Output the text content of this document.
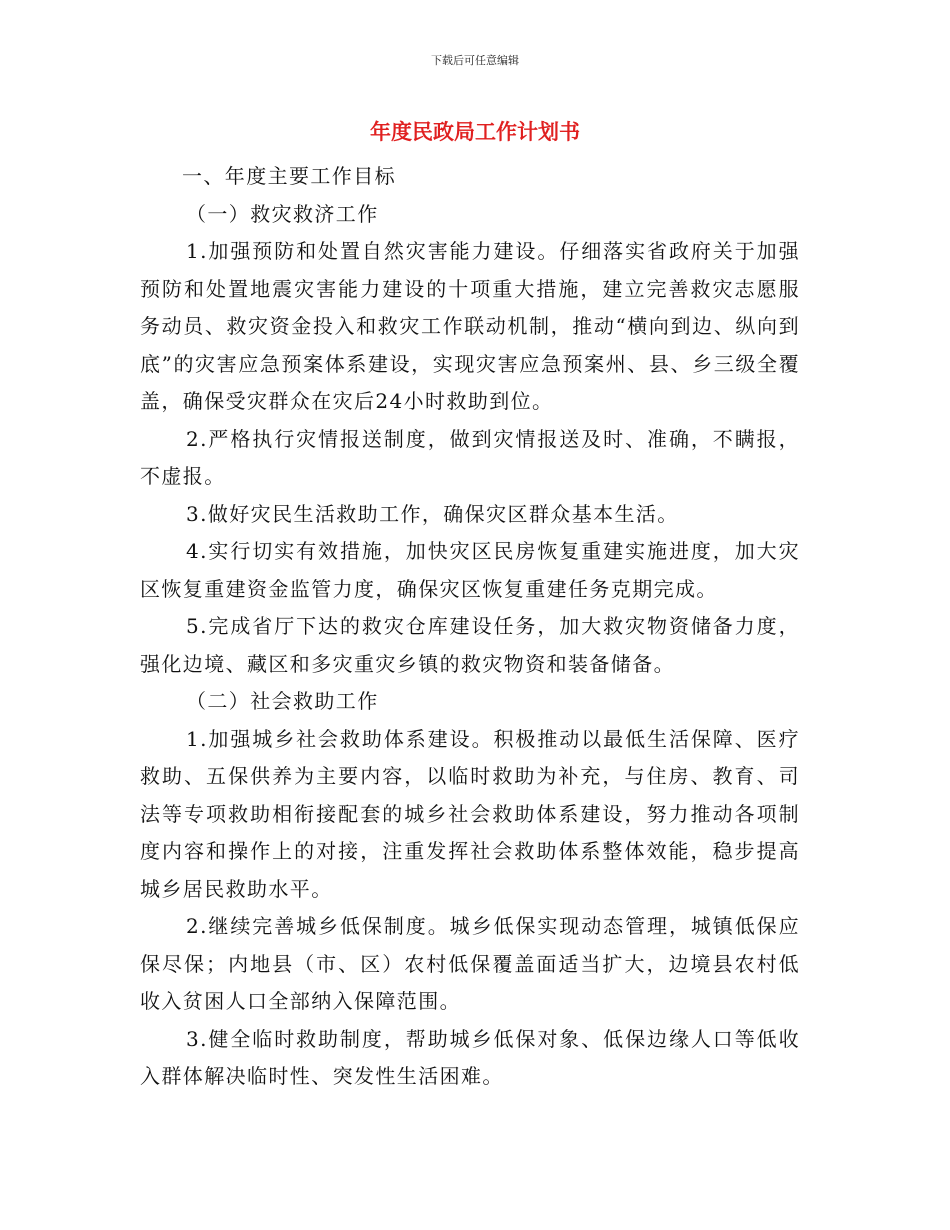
下载后可任意编辑
年度民政局工作计划书

一、年度主要工作目标

（一）救灾救济工作

1.加强预防和处置自然灾害能力建设。仔细落实省政府关于加强预防和处置地震灾害能力建设的十项重大措施，建立完善救灾志愿服务动员、救灾资金投入和救灾工作联动机制，推动“横向到边、纵向到底”的灾害应急预案体系建设，实现灾害应急预案州、县、乡三级全覆盖，确保受灾群众在灾后24小时救助到位。

2.严格执行灾情报送制度，做到灾情报送及时、准确，不瞒报，不虚报。

3.做好灾民生活救助工作，确保灾区群众基本生活。

4.实行切实有效措施，加快灾区民房恢复重建实施进度，加大灾区恢复重建资金监管力度，确保灾区恢复重建任务克期完成。

5.完成省厅下达的救灾仓库建设任务，加大救灾物资储备力度，强化边境、藏区和多灾重灾乡镇的救灾物资和装备储备。

（二）社会救助工作

1.加强城乡社会救助体系建设。积极推动以最低生活保障、医疗救助、五保供养为主要内容，以临时救助为补充，与住房、教育、司法等专项救助相衔接配套的城乡社会救助体系建设，努力推动各项制度内容和操作上的对接，注重发挥社会救助体系整体效能，稳步提高城乡居民救助水平。

2.继续完善城乡低保制度。城乡低保实现动态管理，城镇低保应保尽保；内地县（市、区）农村低保覆盖面适当扩大，边境县农村低收入贫困人口全部纳入保障范围。

3.健全临时救助制度，帮助城乡低保对象、低保边缘人口等低收入群体解决临时性、突发性生活困难。
